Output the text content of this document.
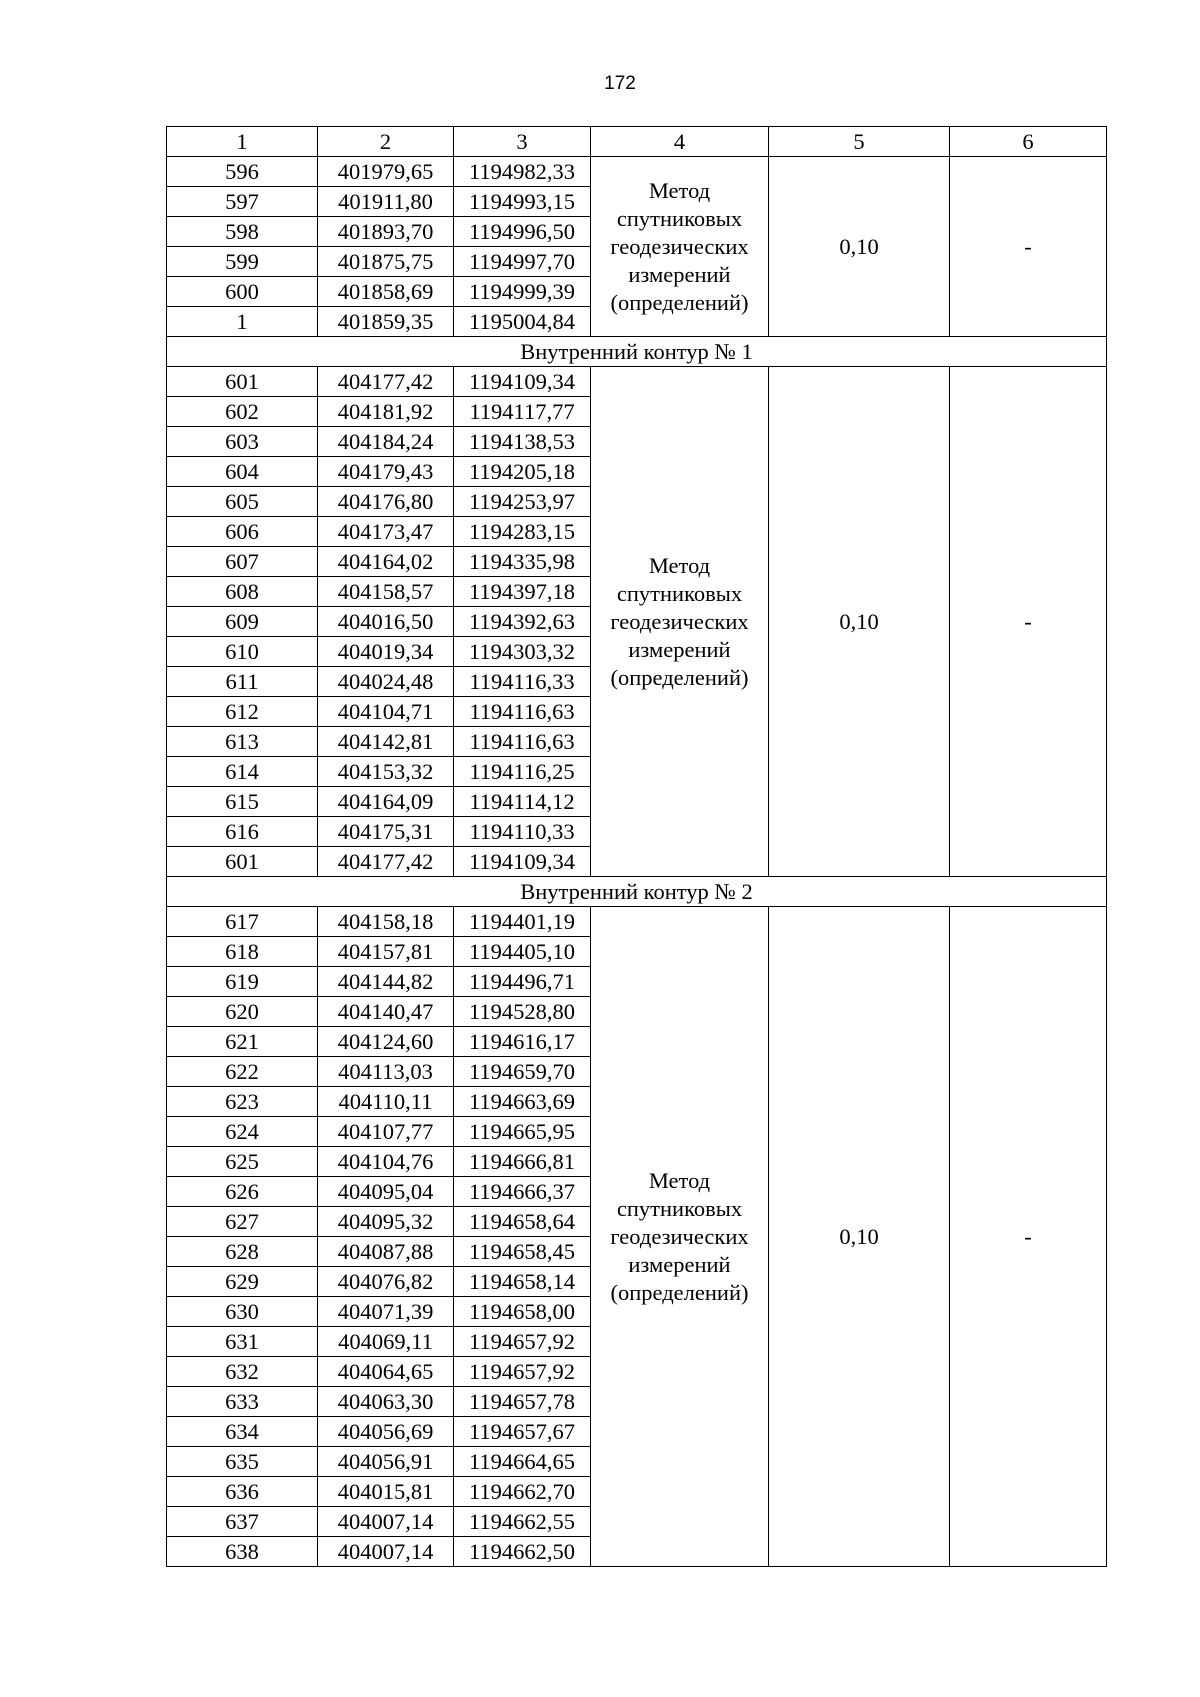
172
1	2	3	4	5	6
596	401979,65	1194982,33	Метод спутниковых геодезических измерений (определений)	0,10	-
597	401911,80	1194993,15			
598	401893,70	1194996,50			
599	401875,75	1194997,70			
600	401858,69	1194999,39			
1	401859,35	1195004,84			
Внутренний контур № 1					
601	404177,42	1194109,34	Метод спутниковых геодезических измерений (определений)	0,10	-
602	404181,92	1194117,77			
603	404184,24	1194138,53			
604	404179,43	1194205,18			
605	404176,80	1194253,97			
606	404173,47	1194283,15			
607	404164,02	1194335,98			
608	404158,57	1194397,18			
609	404016,50	1194392,63			
610	404019,34	1194303,32			
611	404024,48	1194116,33			
612	404104,71	1194116,63			
613	404142,81	1194116,63			
614	404153,32	1194116,25			
615	404164,09	1194114,12			
616	404175,31	1194110,33			
601	404177,42	1194109,34			
Внутренний контур № 2					
617	404158,18	1194401,19	Метод спутниковых геодезических измерений (определений)	0,10	-
618	404157,81	1194405,10			
619	404144,82	1194496,71			
620	404140,47	1194528,80			
621	404124,60	1194616,17			
622	404113,03	1194659,70			
623	404110,11	1194663,69			
624	404107,77	1194665,95			
625	404104,76	1194666,81			
626	404095,04	1194666,37			
627	404095,32	1194658,64			
628	404087,88	1194658,45			
629	404076,82	1194658,14			
630	404071,39	1194658,00			
631	404069,11	1194657,92			
632	404064,65	1194657,92			
633	404063,30	1194657,78			
634	404056,69	1194657,67			
635	404056,91	1194664,65			
636	404015,81	1194662,70			
637	404007,14	1194662,55			
638	404007,14	1194662,50			
